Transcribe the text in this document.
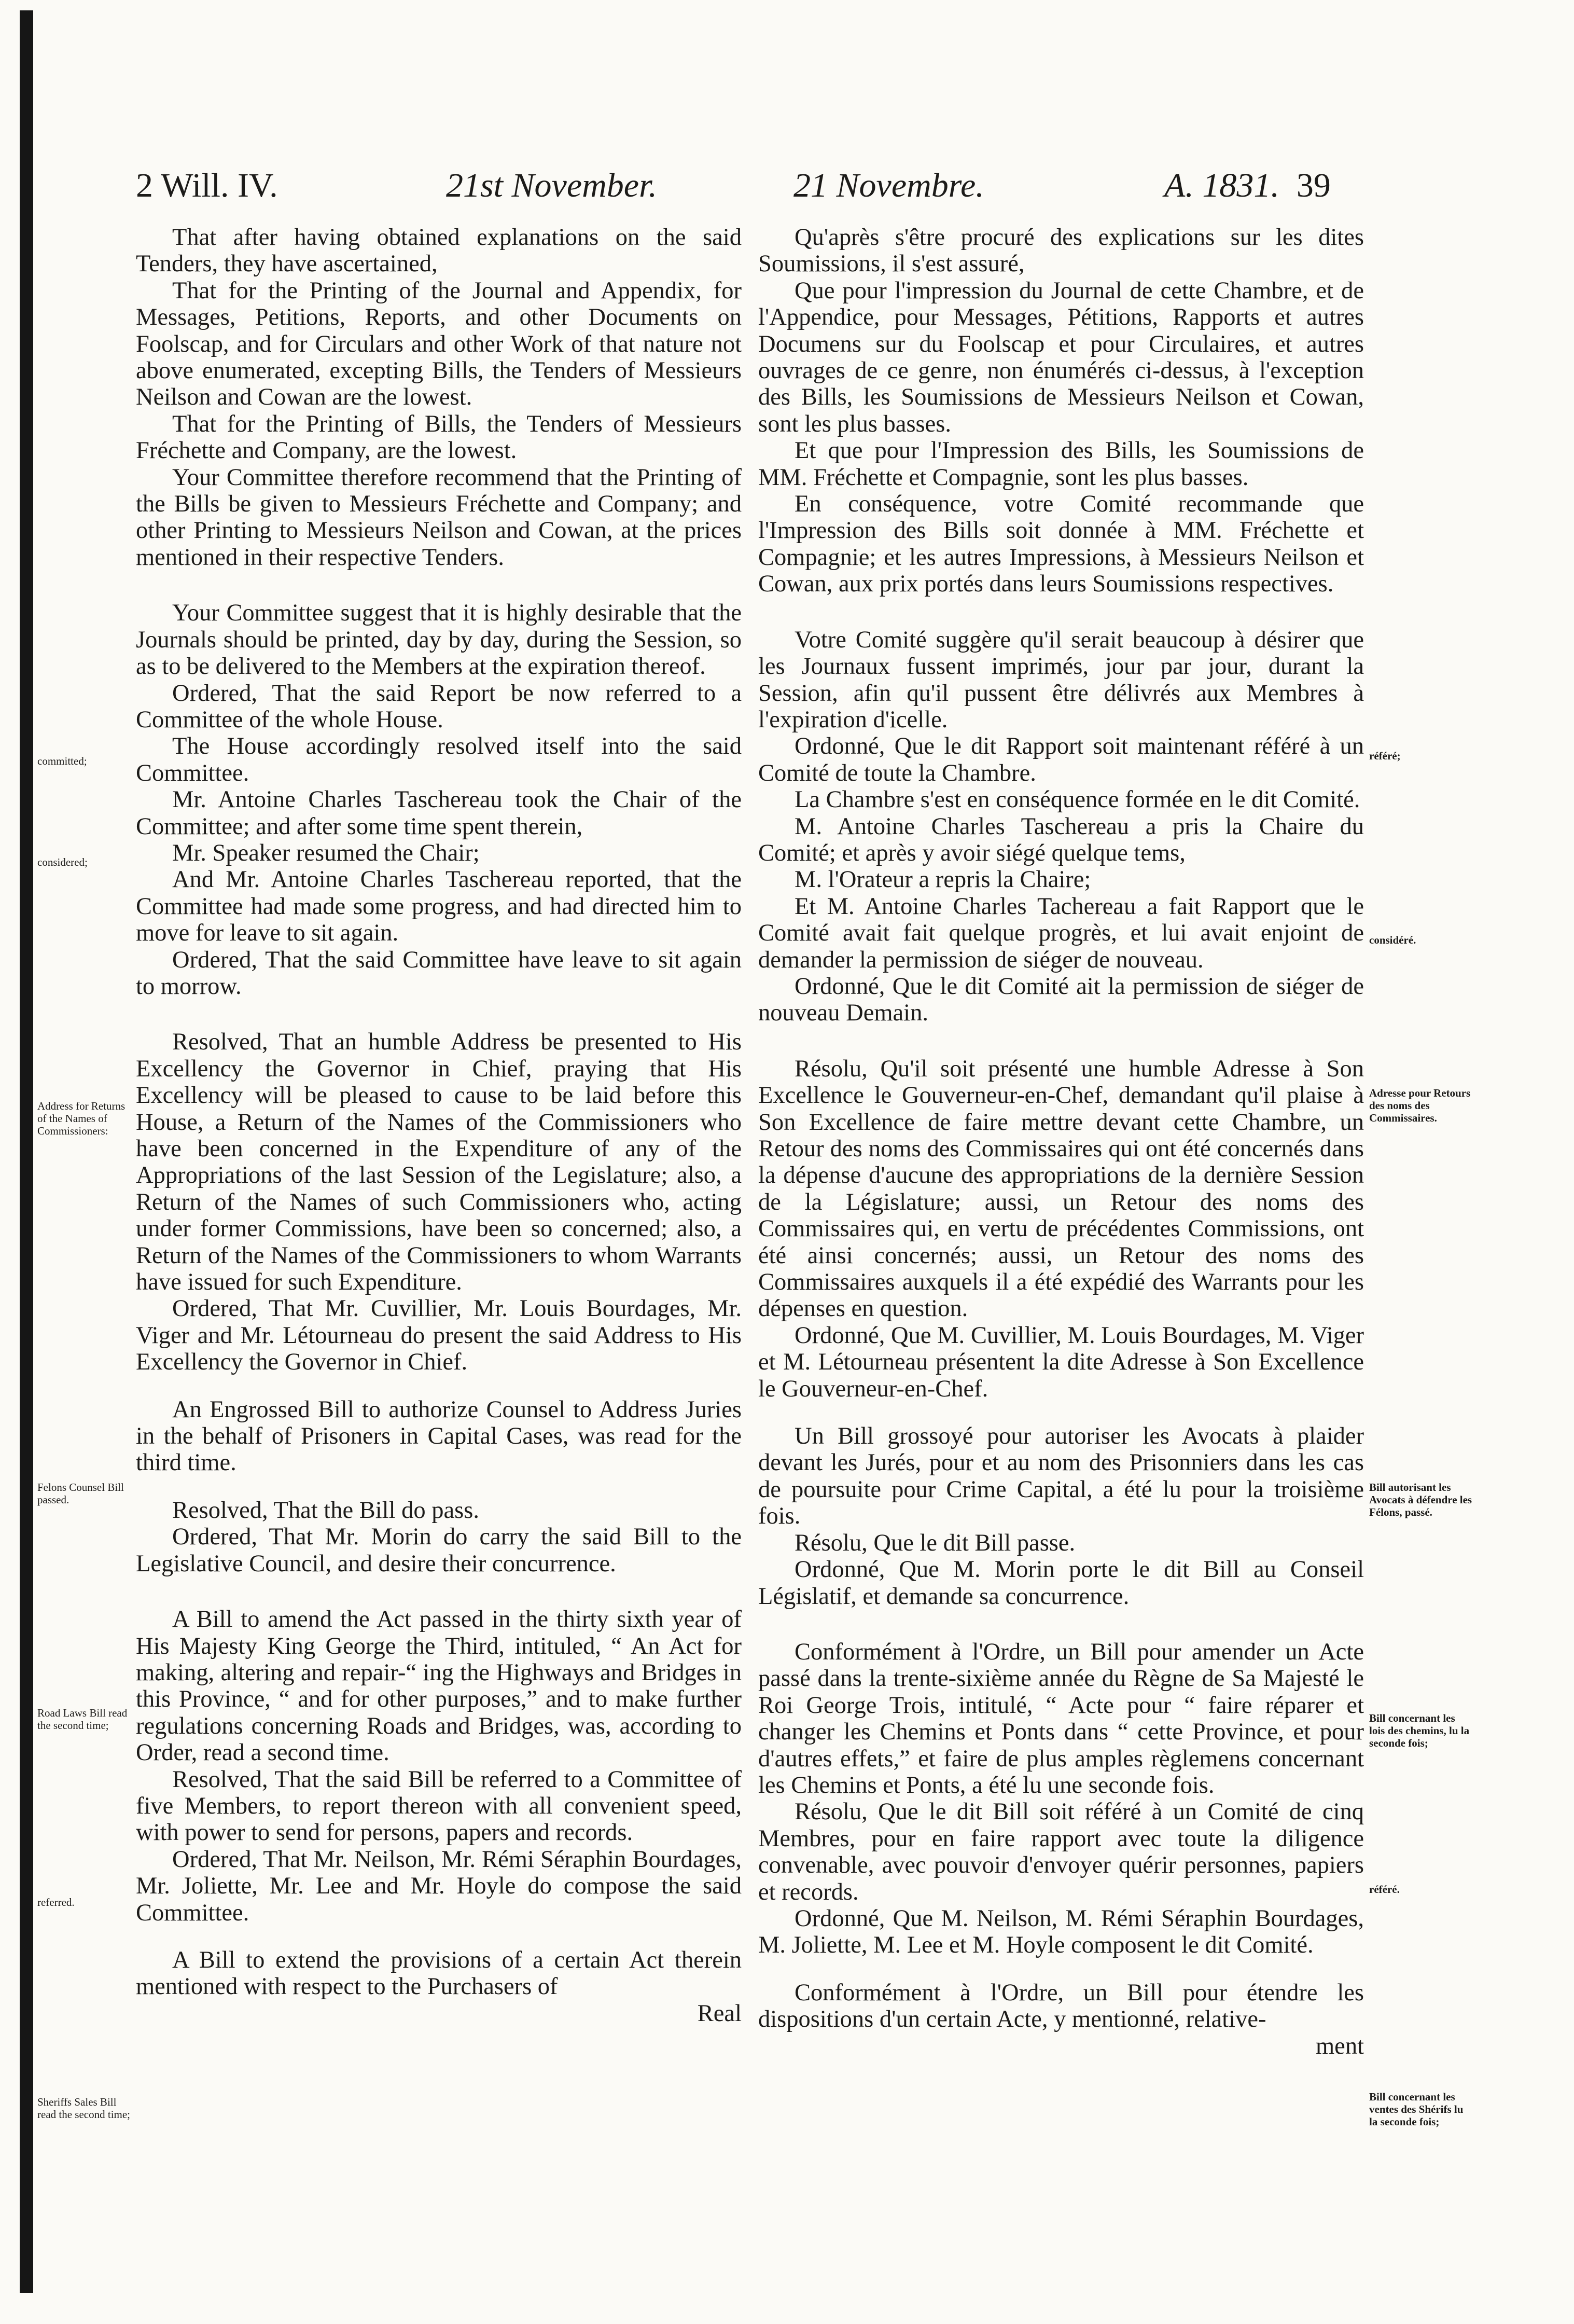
2 Will. IV.	21st November.	21 Novembre.	A. 1831. 39

That after having obtained explanations on the said Tenders, they have ascertained,

That for the Printing of the Journal and Appendix, for Messages, Petitions, Reports, and other Documents on Foolscap, and for Circulars and other Work of that nature not above enumerated, excepting Bills, the Tenders of Messieurs Neilson and Cowan are the lowest.

That for the Printing of Bills, the Tenders of Messieurs Fréchette and Company, are the lowest.

Your Committee therefore recommend that the Printing of the Bills be given to Messieurs Fréchette and Company; and other Printing to Messieurs Neilson and Cowan, at the prices mentioned in their respective Tenders.

Your Committee suggest that it is highly desirable that the Journals should be printed, day by day, during the Session, so as to be delivered to the Members at the expiration thereof.

Ordered, That the said Report be now referred to a Committee of the whole House.

The House accordingly resolved itself into the said Committee.

Mr. Antoine Charles Taschereau took the Chair of the Committee; and after some time spent therein,

Mr. Speaker resumed the Chair;

And Mr. Antoine Charles Taschereau reported, that the Committee had made some progress, and had directed him to move for leave to sit again.

Ordered, That the said Committee have leave to sit again to morrow.

Resolved, That an humble Address be presented to His Excellency the Governor in Chief, praying that His Excellency will be pleased to cause to be laid before this House, a Return of the Names of the Commissioners who have been concerned in the Expenditure of any of the Appropriations of the last Session of the Legislature; also, a Return of the Names of such Commissioners who, acting under former Commissions, have been so concerned; also, a Return of the Names of the Commissioners to whom Warrants have issued for such Expenditure.

Ordered, That Mr. Cuvillier, Mr. Louis Bourdages, Mr. Viger and Mr. Létourneau do present the said Address to His Excellency the Governor in Chief.

An Engrossed Bill to authorize Counsel to Address Juries in the behalf of Prisoners in Capital Cases, was read for the third time.

Resolved, That the Bill do pass.

Ordered, That Mr. Morin do carry the said Bill to the Legislative Council, and desire their concurrence.

A Bill to amend the Act passed in the thirty sixth year of His Majesty King George the Third, intituled, “ An Act for making, altering and repair-“ ing the Highways and Bridges in this Province, “ and for other purposes,” and to make further regulations concerning Roads and Bridges, was, according to Order, read a second time.

Resolved, That the said Bill be referred to a Committee of five Members, to report thereon with all convenient speed, with power to send for persons, papers and records.

Ordered, That Mr. Neilson, Mr. Rémi Séraphin Bourdages, Mr. Joliette, Mr. Lee and Mr. Hoyle do compose the said Committee.

A Bill to extend the provisions of a certain Act therein mentioned with respect to the Purchasers of

Real

Qu'après s'être procuré des explications sur les dites Soumissions, il s'est assuré,

Que pour l'impression du Journal de cette Chambre, et de l'Appendice, pour Messages, Pétitions, Rapports et autres Documens sur du Foolscap et pour Circulaires, et autres ouvrages de ce genre, non énumérés ci-dessus, à l'exception des Bills, les Soumissions de Messieurs Neilson et Cowan, sont les plus basses.

Et que pour l'Impression des Bills, les Soumissions de MM. Fréchette et Compagnie, sont les plus basses.

En conséquence, votre Comité recommande que l'Impression des Bills soit donnée à MM. Fréchette et Compagnie; et les autres Impressions, à Messieurs Neilson et Cowan, aux prix portés dans leurs Soumissions respectives.

Votre Comité suggère qu'il serait beaucoup à désirer que les Journaux fussent imprimés, jour par jour, durant la Session, afin qu'il pussent être délivrés aux Membres à l'expiration d'icelle.

Ordonné, Que le dit Rapport soit maintenant référé à un Comité de toute la Chambre.

La Chambre s'est en conséquence formée en le dit Comité.

M. Antoine Charles Taschereau a pris la Chaire du Comité; et après y avoir siégé quelque tems,

M. l'Orateur a repris la Chaire;

Et M. Antoine Charles Tachereau a fait Rapport que le Comité avait fait quelque progrès, et lui avait enjoint de demander la permission de siéger de nouveau.

Ordonné, Que le dit Comité ait la permission de siéger de nouveau Demain.

Résolu, Qu'il soit présenté une humble Adresse à Son Excellence le Gouverneur-en-Chef, demandant qu'il plaise à Son Excellence de faire mettre devant cette Chambre, un Retour des noms des Commissaires qui ont été concernés dans la dépense d'aucune des appropriations de la dernière Session de la Législature; aussi, un Retour des noms des Commissaires qui, en vertu de précédentes Commissions, ont été ainsi concernés; aussi, un Retour des noms des Commissaires auxquels il a été expédié des Warrants pour les dépenses en question.

Ordonné, Que M. Cuvillier, M. Louis Bourdages, M. Viger et M. Létourneau présentent la dite Adresse à Son Excellence le Gouverneur-en-Chef.

Un Bill grossoyé pour autoriser les Avocats à plaider devant les Jurés, pour et au nom des Prisonniers dans les cas de poursuite pour Crime Capital, a été lu pour la troisième fois.

Résolu, Que le dit Bill passe.

Ordonné, Que M. Morin porte le dit Bill au Conseil Législatif, et demande sa concurrence.

Conformément à l'Ordre, un Bill pour amender un Acte passé dans la trente-sixième année du Règne de Sa Majesté le Roi George Trois, intitulé, “ Acte pour “ faire réparer et changer les Chemins et Ponts dans “ cette Province, et pour d'autres effets,” et faire de plus amples règlemens concernant les Chemins et Ponts, a été lu une seconde fois.

Résolu, Que le dit Bill soit référé à un Comité de cinq Membres, pour en faire rapport avec toute la diligence convenable, avec pouvoir d'envoyer quérir personnes, papiers et records.

Ordonné, Que M. Neilson, M. Rémi Séraphin Bourdages, M. Joliette, M. Lee et M. Hoyle composent le dit Comité.

Conformément à l'Ordre, un Bill pour étendre les dispositions d'un certain Acte, y mentionné, relative-

ment

committed;
considered;
Address for Returns of the Names of Commissioners:
Felons Counsel Bill passed.
Road Laws Bill read the second time;
referred.
Sheriffs Sales Bill read the second time;
référé;
considéré.
Adresse pour Retours des noms des Commissaires.
Bill autorisant les Avocats à défendre les Félons, passé.
Bill concernant les lois des chemins, lu la seconde fois;
référé.
Bill concernant les ventes des Shérifs lu la seconde fois;
